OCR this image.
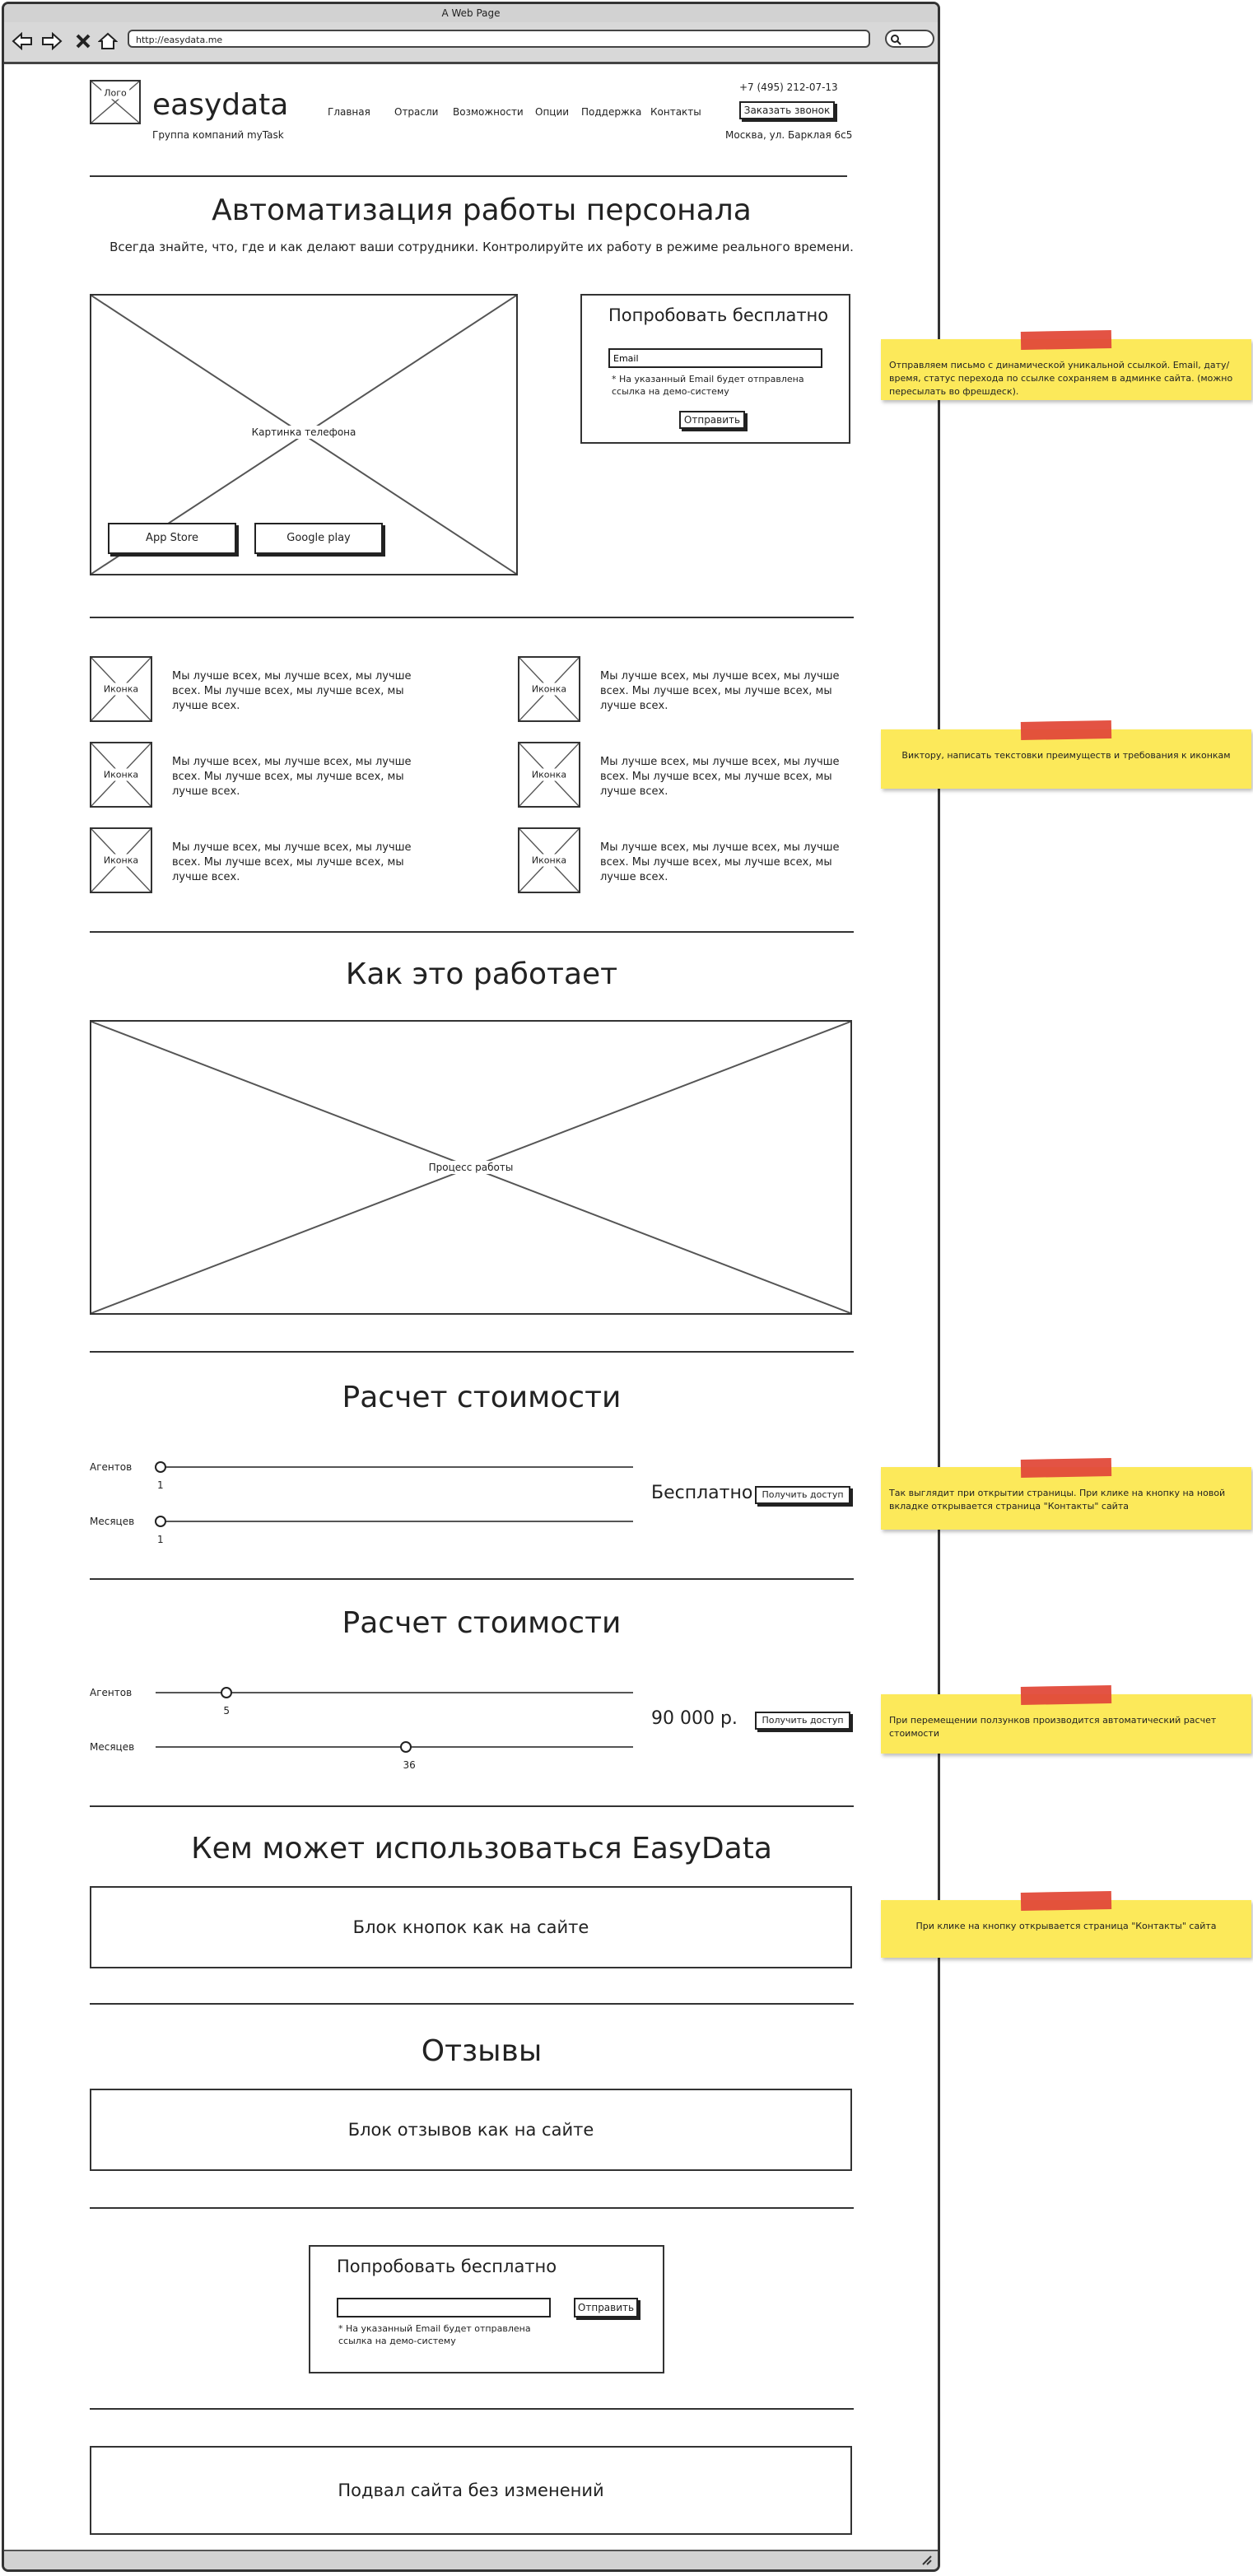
A Web Page
http://easydata.me
Лого easydata
Группа компаний myTask
Главная Отрасли Возможности Опции Поддержка Контакты
+7 (495) 212-07-13
Заказать звонок
Москва, ул. Барклая 6с5
Автоматизация работы персонала
Всегда знайте, что, где и как делают ваши сотрудники. Контролируйте их работу в режиме реального времени.
Картинка телефона
App Store	Google play
Попробовать бесплатно
Email
* На указанный Email будет отправлена ссылка на демо-систему
Отправить
Иконка
Мы лучше всех, мы лучше всех, мы лучше всех. Мы лучше всех, мы лучше всех, мы лучше всех.
Иконка
Мы лучше всех, мы лучше всех, мы лучше всех. Мы лучше всех, мы лучше всех, мы лучше всех.
Иконка
Мы лучше всех, мы лучше всех, мы лучше всех. Мы лучше всех, мы лучше всех, мы лучше всех.
Иконка
Мы лучше всех, мы лучше всех, мы лучше всех. Мы лучше всех, мы лучше всех, мы лучше всех.
Иконка
Мы лучше всех, мы лучше всех, мы лучше всех. Мы лучше всех, мы лучше всех, мы лучше всех.
Иконка
Мы лучше всех, мы лучше всех, мы лучше всех. Мы лучше всех, мы лучше всех, мы лучше всех.
Как это работает
Процесс работы
Расчет стоимости
Агентов
1
Месяцев
1
Бесплатно	Получить доступ
Расчет стоимости
Агентов
5
Месяцев
36
90 000 р.	Получить доступ
Кем может использоваться EasyData
Блок кнопок как на сайте
Отзывы
Блок отзывов как на сайте
Попробовать бесплатно
Отправить
* На указанный Email будет отправлена ссылка на демо-систему
Подвал сайта без изменений
Отправляем письмо с динамической уникальной ссылкой. Email, дату/время, статус перехода по ссылке сохраняем в админке сайта. (можно пересылать во фрешдеск).
Виктору, написать текстовки преимуществ и требования к иконкам
Так выглядит при открытии страницы. При клике на кнопку на новой вкладке открывается страница "Контакты" сайта
При перемещении ползунков производится автоматический расчет стоимости
При клике на кнопку открывается страница "Контакты" сайта
